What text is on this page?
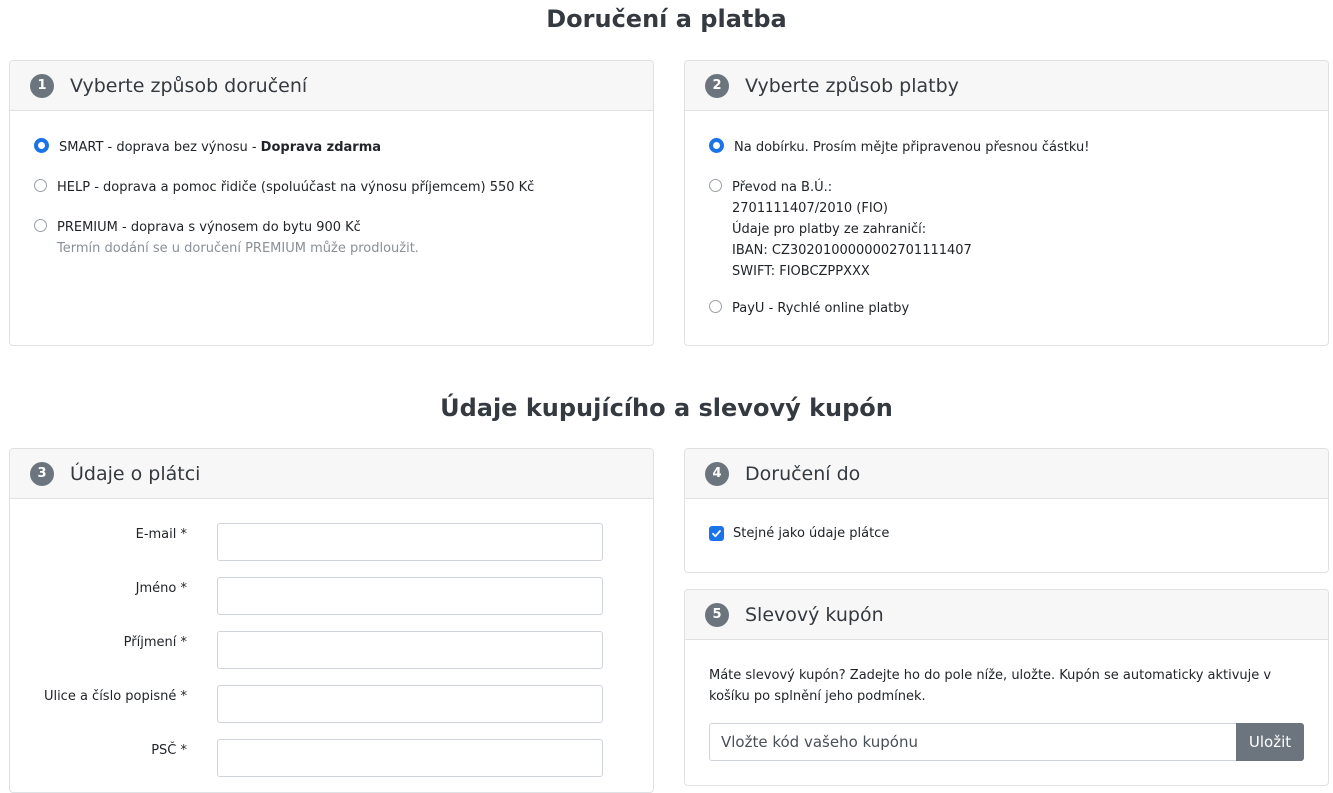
Doručení a platba
1	Vyberte způsob doručení
SMART - doprava bez výnosu - Doprava zdarma
HELP - doprava a pomoc řidiče (spoluúčast na výnosu příjemcem) 550 Kč
PREMIUM - doprava s výnosem do bytu 900 Kč
Termín dodání se u doručení PREMIUM může prodloužit.
2	Vyberte způsob platby
Na dobírku. Prosím mějte připravenou přesnou částku!
Převod na B.Ú.:
2701111407/2010 (FIO)
Údaje pro platby ze zahraničí:
IBAN: CZ3020100000002701111407
SWIFT: FIOBCZPPXXX
PayU - Rychlé online platby
Údaje kupujícího a slevový kupón
3	Údaje o plátci
E-mail *
Jméno *
Příjmení *
Ulice a číslo popisné *
PSČ *
4	Doručení do
Stejné jako údaje plátce
5	Slevový kupón
Máte slevový kupón? Zadejte ho do pole níže, uložte. Kupón se automaticky aktivuje v košíku po splnění jeho podmínek.
Vložte kód vašeho kupónu
Uložit
